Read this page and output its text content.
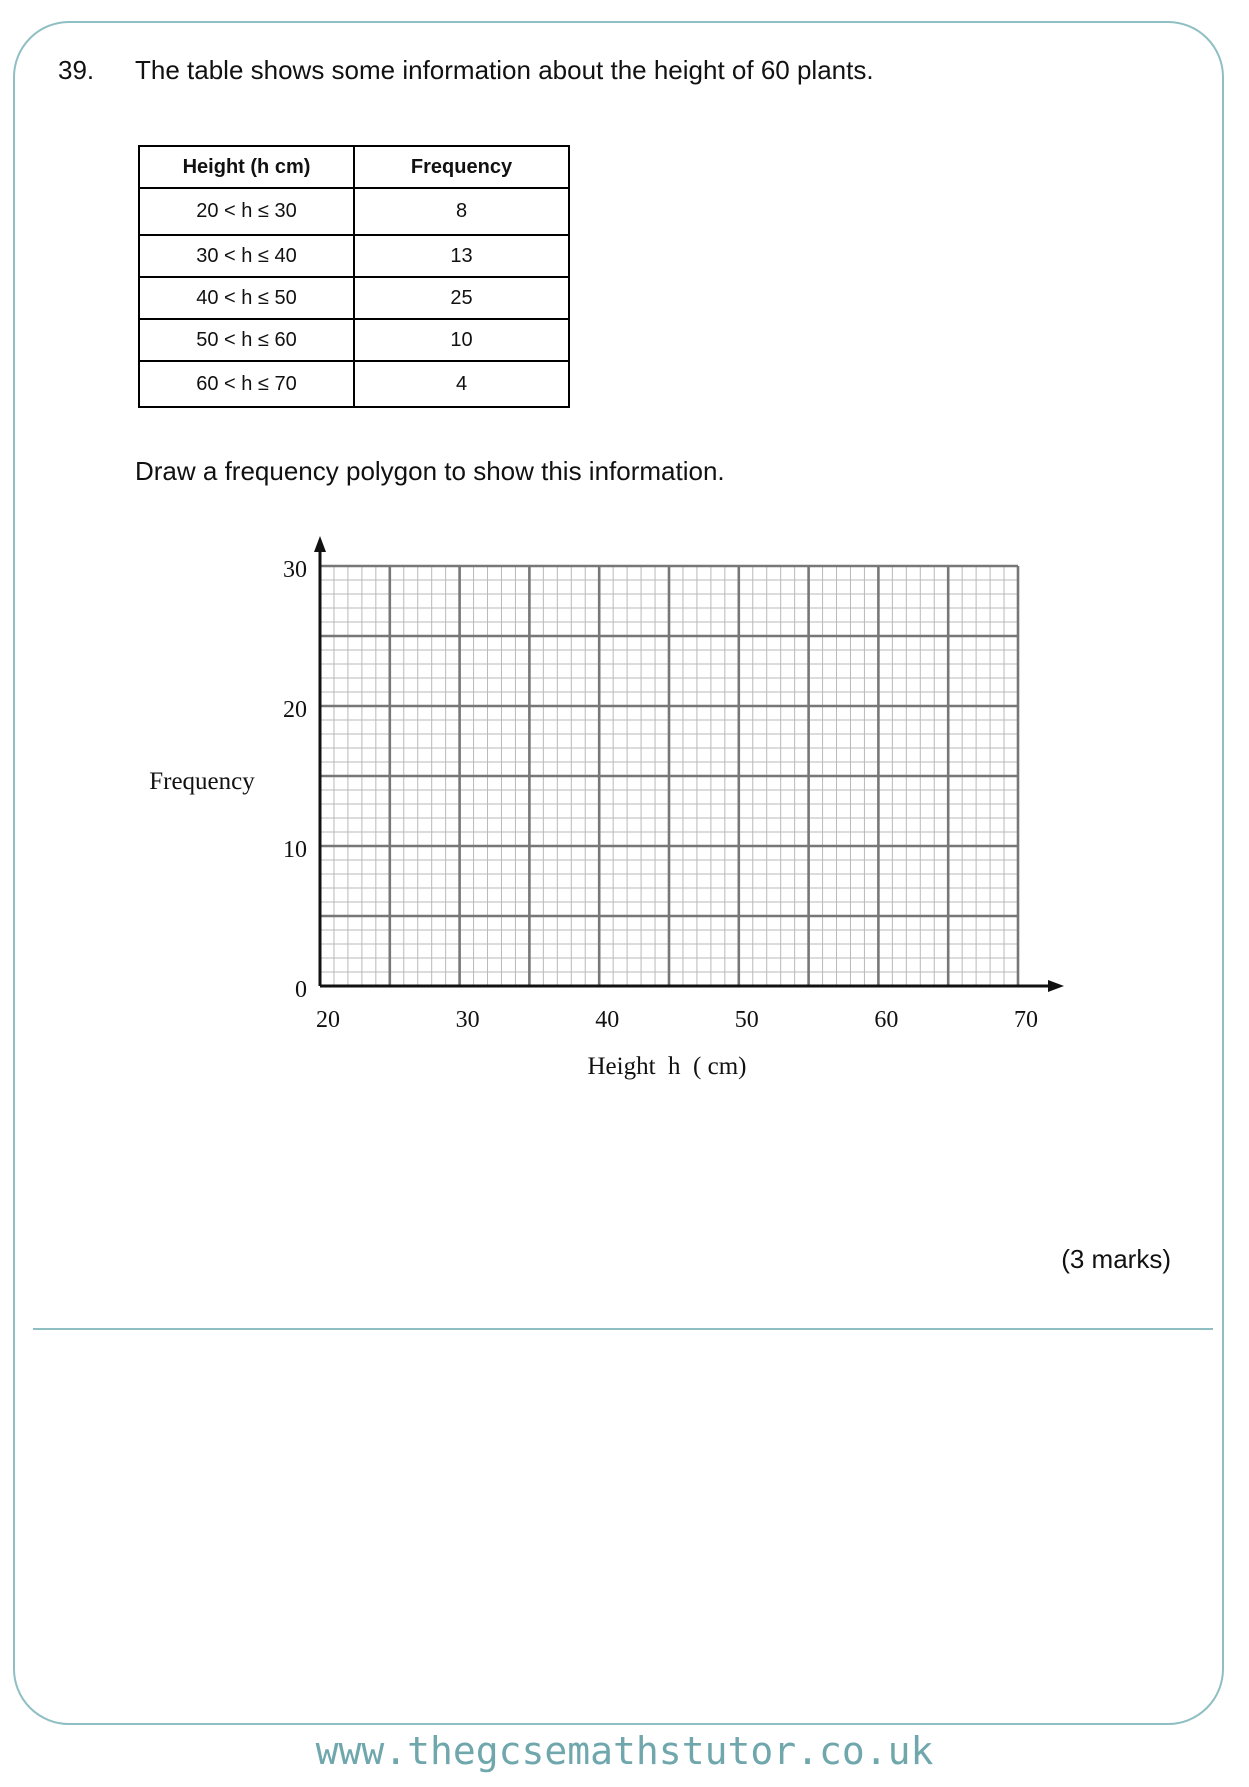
39. The table shows some information about the height of 60 plants.
Height (h cm)	Frequency
20 < h ≤ 30	8
30 < h ≤ 40	13
40 < h ≤ 50	25
50 < h ≤ 60	10
60 < h ≤ 70	4
Draw a frequency polygon to show this information.
20	30	40	50	60	70
0
10
20
30
Frequency
Height  h  ( cm)
(3 marks)
www.thegcsemathstutor.co.uk
